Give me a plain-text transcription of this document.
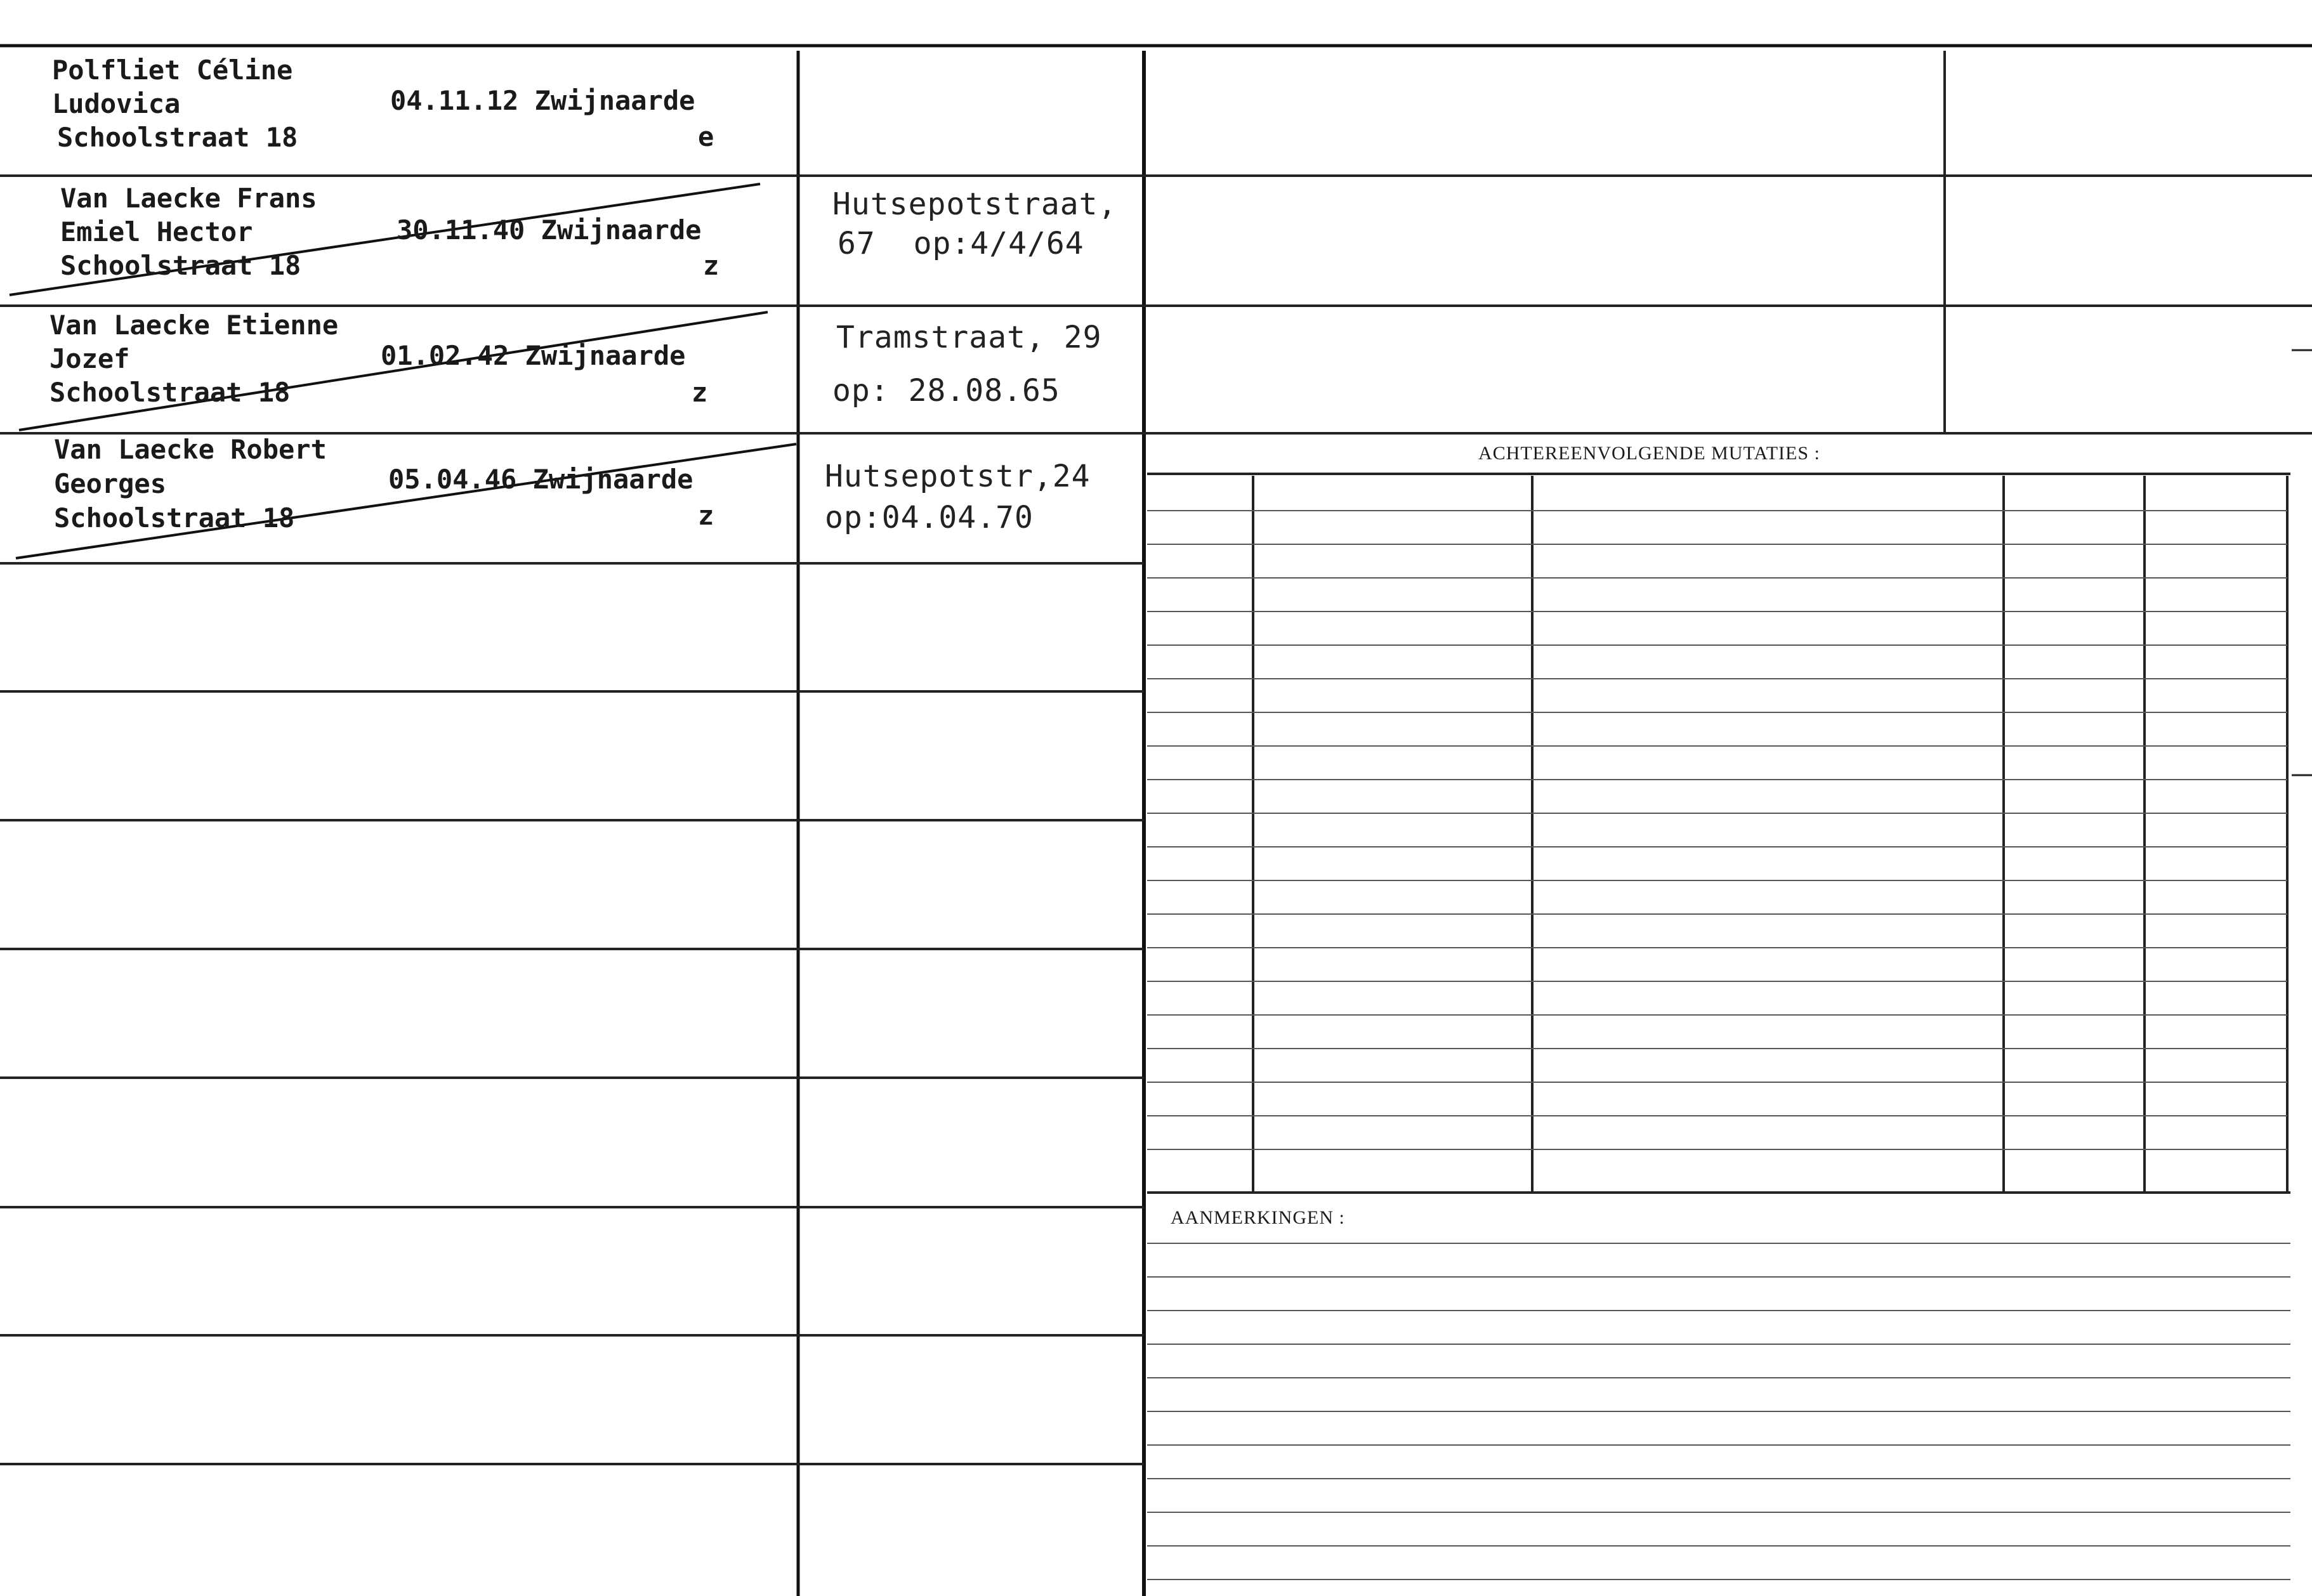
Polfliet Céline
Ludovica
Schoolstraat 18
04.11.12 Zwijnaarde
e
Van Laecke Frans
Emiel Hector
Schoolstraat 18
30.11.40 Zwijnaarde
z
Hutsepotstraat,
67  op:4/4/64
Van Laecke Etienne
Jozef
Schoolstraat 18
01.02.42 Zwijnaarde
z
Tramstraat, 29
op: 28.08.65
Van Laecke Robert
Georges
Schoolstraat 18
05.04.46 Zwijnaarde
z
Hutsepotstr,24
op:04.04.70
ACHTEREENVOLGENDE MUTATIES :
AANMERKINGEN :
